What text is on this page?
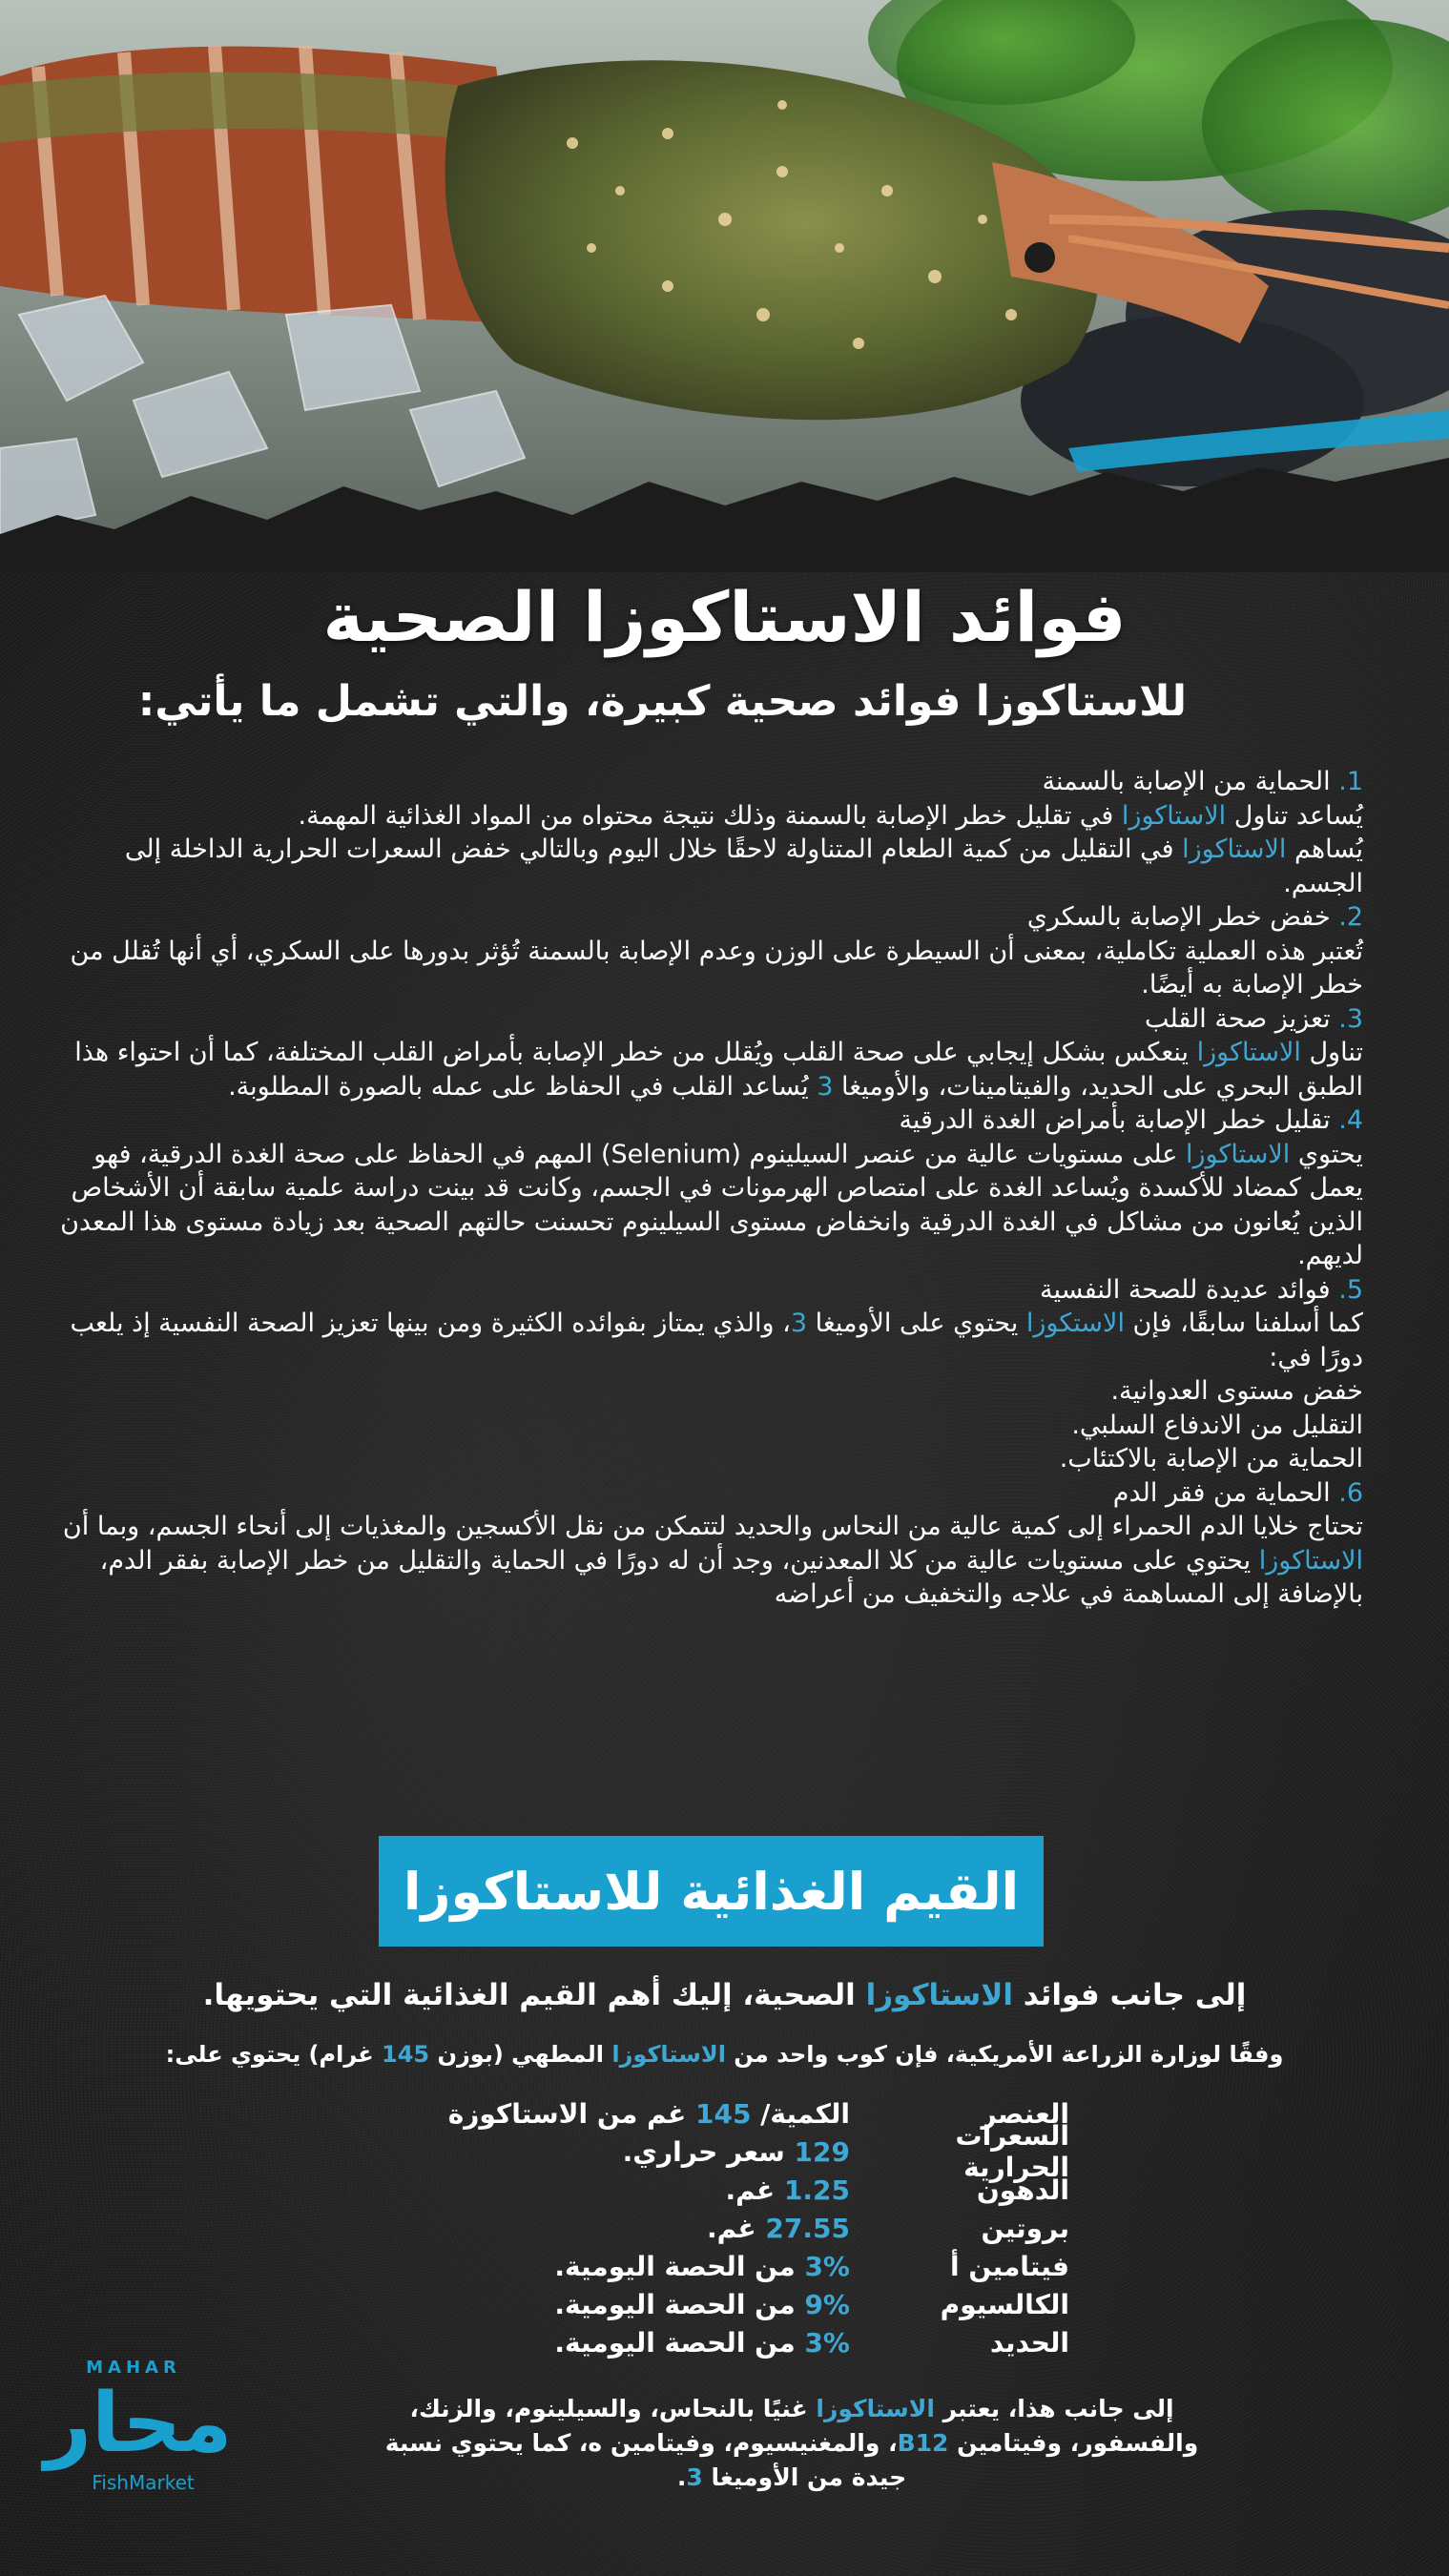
فوائد الاستاكوزا الصحية
للاستاكوزا فوائد صحية كبيرة، والتي تشمل ما يأتي:

1. الحماية من الإصابة بالسمنة

يُساعد تناول الاستاكوزا في تقليل خطر الإصابة بالسمنة وذلك نتيجة محتواه من المواد الغذائية المهمة.

يُساهم الاستاكوزا في التقليل من كمية الطعام المتناولة لاحقًا خلال اليوم وبالتالي خفض السعرات الحرارية الداخلة إلى الجسم.

2. خفض خطر الإصابة بالسكري

تُعتبر هذه العملية تكاملية، بمعنى أن السيطرة على الوزن وعدم الإصابة بالسمنة تُؤثر بدورها على السكري، أي أنها تُقلل من خطر الإصابة به أيضًا.

3. تعزيز صحة القلب

تناول الاستاكوزا ينعكس بشكل إيجابي على صحة القلب ويُقلل من خطر الإصابة بأمراض القلب المختلفة، كما أن احتواء هذا الطبق البحري على الحديد، والفيتامينات، والأوميغا 3 يُساعد القلب في الحفاظ على عمله بالصورة المطلوبة.

4. تقليل خطر الإصابة بأمراض الغدة الدرقية

يحتوي الاستاكوزا على مستويات عالية من عنصر السيلينوم (Selenium) المهم في الحفاظ على صحة الغدة الدرقية، فهو يعمل كمضاد للأكسدة ويُساعد الغدة على امتصاص الهرمونات في الجسم، وكانت قد بينت دراسة علمية سابقة أن الأشخاص الذين يُعانون من مشاكل في الغدة الدرقية وانخفاض مستوى السيلينوم تحسنت حالتهم الصحية بعد زيادة مستوى هذا المعدن لديهم.

5. فوائد عديدة للصحة النفسية

كما أسلفنا سابقًا، فإن الاستكوزا يحتوي على الأوميغا 3، والذي يمتاز بفوائده الكثيرة ومن بينها تعزيز الصحة النفسية إذ يلعب دورًا في:

خفض مستوى العدوانية.

التقليل من الاندفاع السلبي.

الحماية من الإصابة بالاكتئاب.

6. الحماية من فقر الدم

تحتاج خلايا الدم الحمراء إلى كمية عالية من النحاس والحديد لتتمكن من نقل الأكسجين والمغذيات إلى أنحاء الجسم، وبما أن الاستاكوزا يحتوي على مستويات عالية من كلا المعدنين، وجد أن له دورًا في الحماية والتقليل من خطر الإصابة بفقر الدم، بالإضافة إلى المساهمة في علاجه والتخفيف من أعراضه

القيم الغذائية للاستاكوزا
إلى جانب فوائد الاستاكوزا الصحية، إليك أهم القيم الغذائية التي يحتويها.
وفقًا لوزارة الزراعة الأمريكية، فإن كوب واحد من الاستاكوزا المطهي (بوزن 145 غرام) يحتوي على:
العنصر
الكمية/ 145 غم من الاستاكوزة
السعرات الحرارية
129 سعر حراري.
الدهون
1.25 غم.
بروتين
27.55 غم.
فيتامين أ
3% من الحصة اليومية.
الكالسيوم
9% من الحصة اليومية.
الحديد
3% من الحصة اليومية.
إلى جانب هذا، يعتبر الاستاكوزا غنيًا بالنحاس، والسيلينوم، والزنك، والفسفور، وفيتامين B12، والمغنيسيوم، وفيتامين ه، كما يحتوي نسبة جيدة من الأوميغا 3.
MAHAR
محار
FishMarket
